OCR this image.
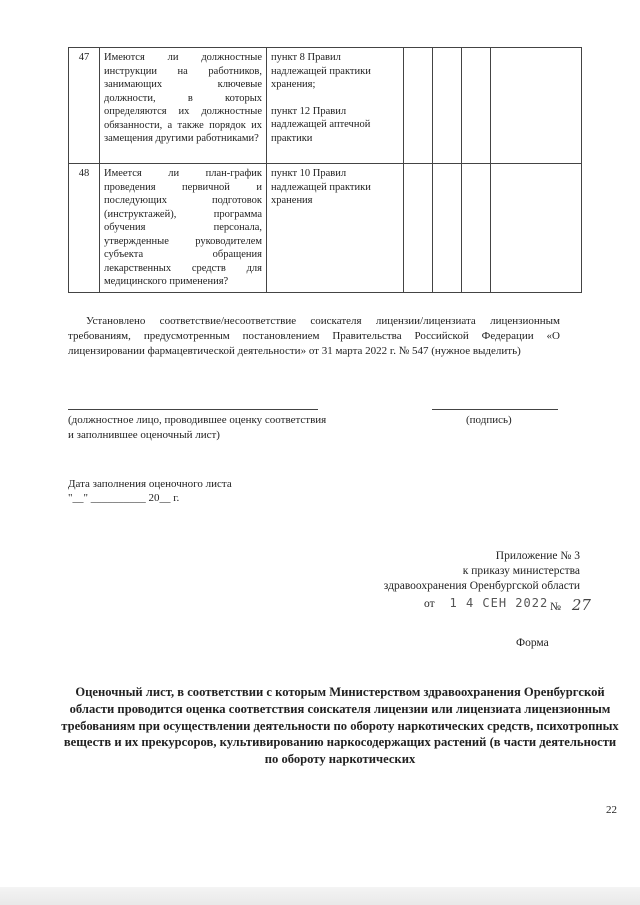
47	Имеются ли должностные инструкции на работников, занимающих ключевые должности, в которых определяются их должностные обязанности, а также порядок их замещения другими работниками?	пункт 8 Правил надлежащей практики хранения;
пункт 12 Правил надлежащей аптечной практики				

48	Имеется ли план-график проведения первичной и последующих подготовок (инструктажей), программа обучения персонала, утвержденные руководителем субъекта обращения лекарственных средств для медицинского применения?	пункт 10 Правил надлежащей практики хранения				

Установлено соответствие/несоответствие соискателя лицензии/лицензиата лицензионным требованиям, предусмотренным постановлением Правительства Российской Федерации «О лицензировании фармацевтической деятельности» от 31 марта 2022 г. № 547 (нужное выделить)
(должностное лицо, проводившее оценку соответствия и заполнившее оценочный лист)
(подпись)
Дата заполнения оценочного листа
"__" __________ 20__ г.
Приложение № 3
к приказу министерства
здравоохранения Оренбургской области
от 1 4 СЕН 2022 № 27
Форма
Оценочный лист, в соответствии с которым Министерством здравоохранения Оренбургской области проводится оценка соответствия соискателя лицензии или лицензиата лицензионным требованиям при осуществлении деятельности по обороту наркотических средств, психотропных веществ и их прекурсоров, культивированию наркосодержащих растений (в части деятельности по обороту наркотических
22
